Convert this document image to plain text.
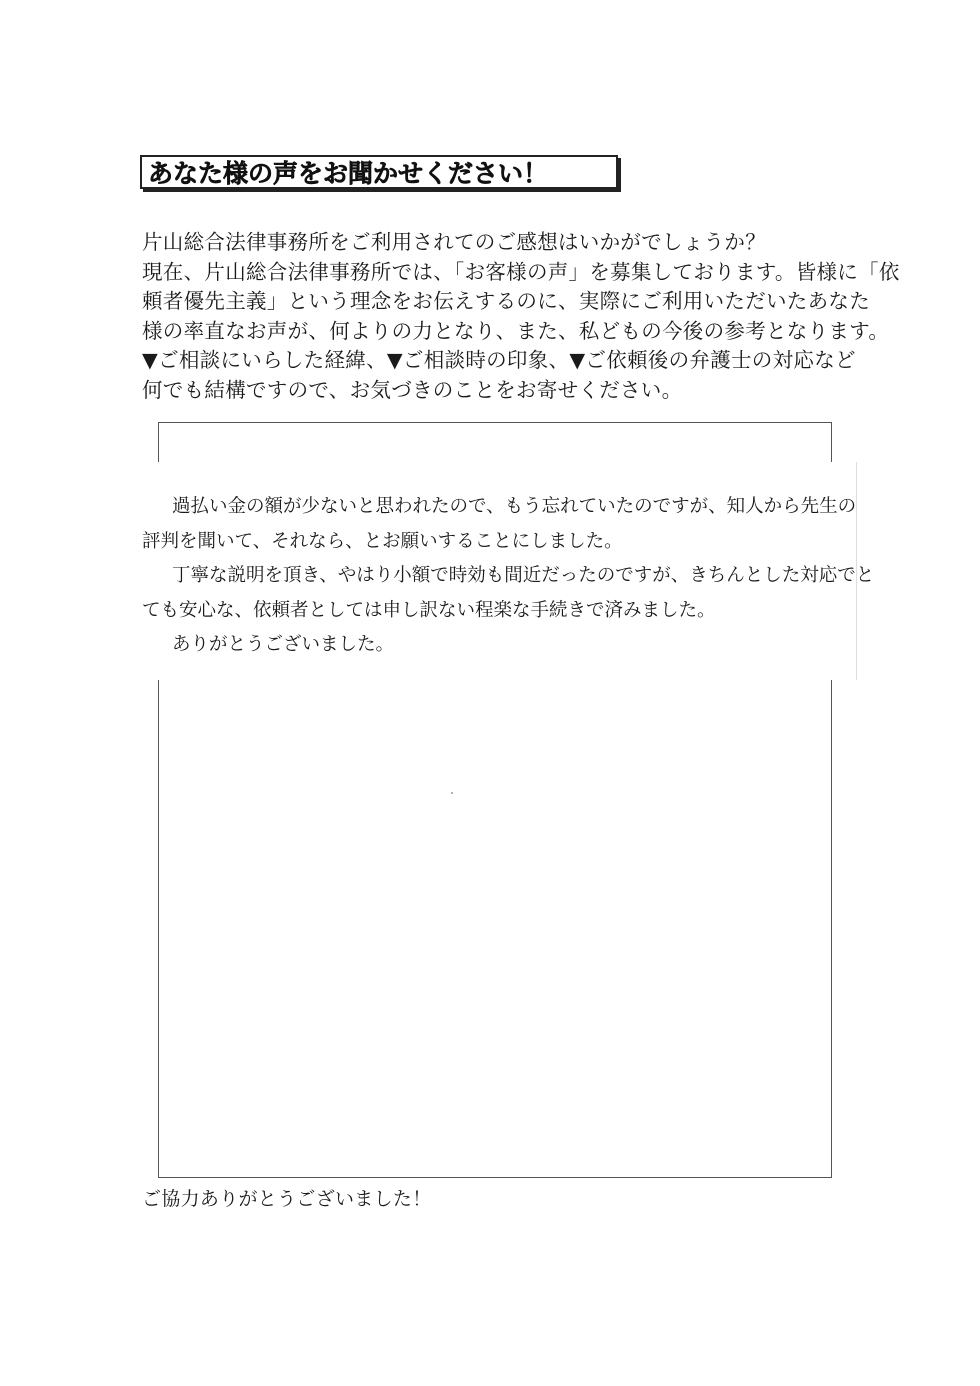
あなた様の声をお聞かせください！
片山総合法律事務所をご利用されてのご感想はいかがでしょうか？
現在、片山総合法律事務所では、「お客様の声」を募集しております。皆様に「依
頼者優先主義」という理念をお伝えするのに、実際にご利用いただいたあなた
様の率直なお声が、何よりの力となり、また、私どもの今後の参考となります。
▼ご相談にいらした経緯、▼ご相談時の印象、▼ご依頼後の弁護士の対応など
何でも結構ですので、お気づきのことをお寄せください。
過払い金の額が少ないと思われたので、もう忘れていたのですが、知人から先生の
評判を聞いて、それなら、とお願いすることにしました。
丁寧な説明を頂き、やはり小額で時効も間近だったのですが、きちんとした対応でと
ても安心な、依頼者としては申し訳ない程楽な手続きで済みました。
ありがとうございました。
ご協力ありがとうございました！
